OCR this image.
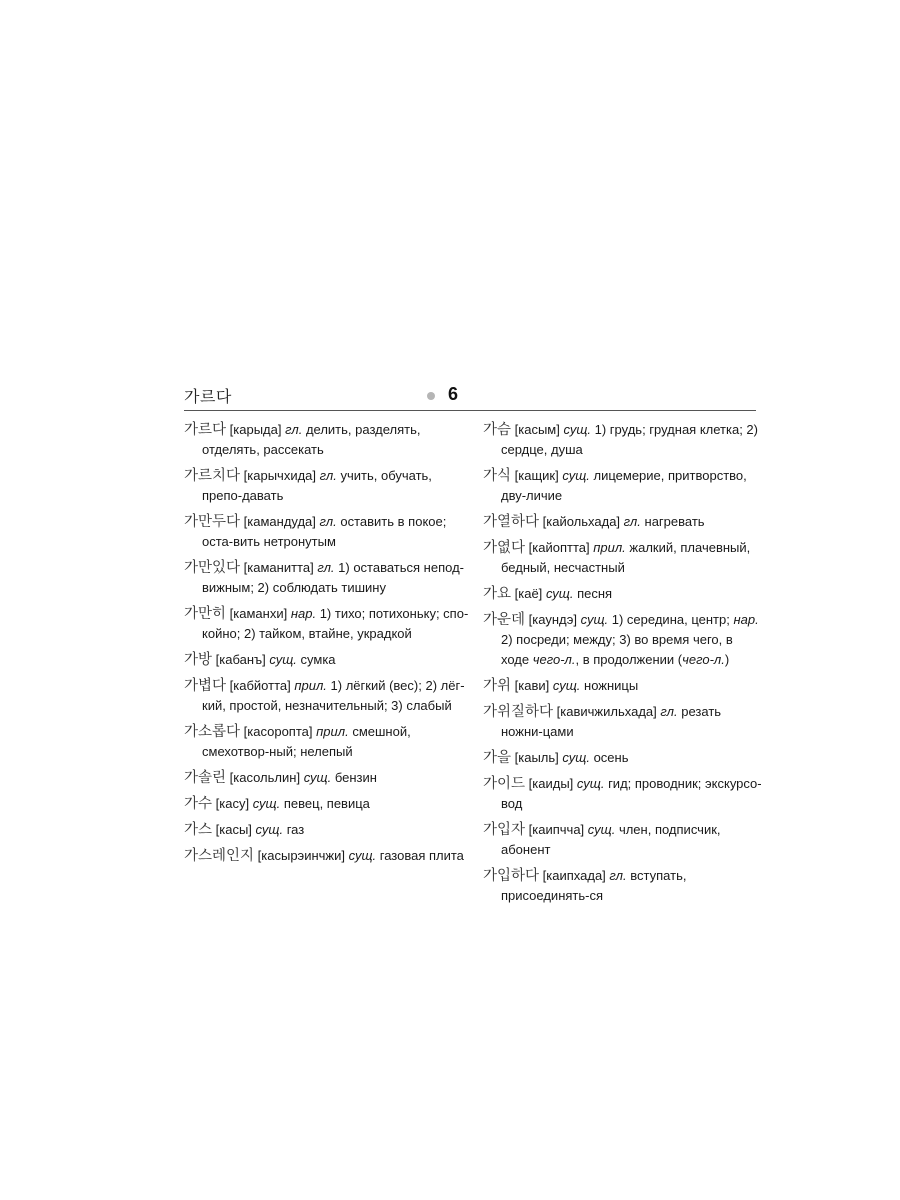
가르다	6

가르다 [карыда] гл. делить, разделять, отделять, рассекать

가르치다 [карычхида] гл. учить, обучать, препо-давать

가만두다 [камандуда] гл. оставить в покое; оста-вить нетронутым

가만있다 [каманитта] гл. 1) оставаться непод-вижным; 2) соблюдать тишину

가만히 [каманхи] нар. 1) тихо; потихоньку; спо-койно; 2) тайком, втайне, украдкой

가방 [кабанъ] сущ. сумка

가볍다 [кабйотта] прил. 1) лёгкий (вес); 2) лёг-кий, простой, незначительный; 3) слабый

가소롭다 [касоропта] прил. смешной, смехотвор-ный; нелепый

가솔린 [касольлин] сущ. бензин

가수 [касу] сущ. певец, певица

가스 [касы] сущ. газ

가스레인지 [касырэинчжи] сущ. газовая плита

가슴 [касым] сущ. 1) грудь; грудная клетка; 2) сердце, душа

가식 [кащик] сущ. лицемерие, притворство, дву-личие

가열하다 [кайольхада] гл. нагревать

가엾다 [кайоптта] прил. жалкий, плачевный, бедный, несчастный

가요 [каё] сущ. песня

가운데 [каундэ] сущ. 1) середина, центр; нар. 2) посреди; между; 3) во время чего, в ходе чего-л., в продолжении (чего-л.)

가위 [кави] сущ. ножницы

가위질하다 [кавичжильхада] гл. резать ножни-цами

가을 [каыль] сущ. осень

가이드 [каиды] сущ. гид; проводник; экскурсо-вод

가입자 [каипчча] сущ. член, подписчик, абонент

가입하다 [каипхада] гл. вступать, присоединять-ся
